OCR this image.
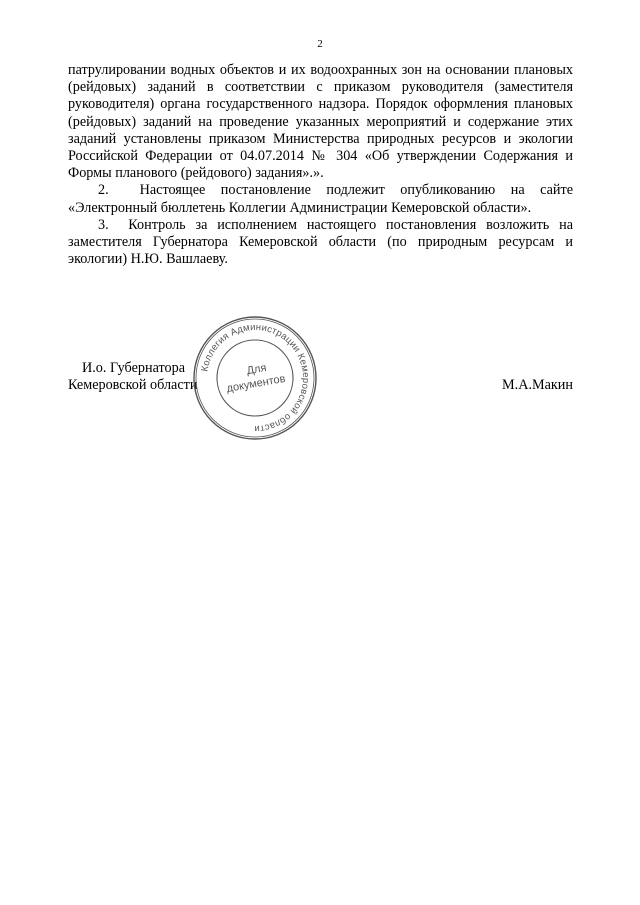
2

патрулировании водных объектов и их водоохранных зон на основании плановых (рейдовых) заданий в соответствии с приказом руководителя (заместителя руководителя) органа государственного надзора. Порядок оформления плановых (рейдовых) заданий на проведение указанных мероприятий и содержание этих заданий установлены приказом Министерства природных ресурсов и экологии Российской Федерации от 04.07.2014 № 304 «Об утверждении Содержания и Формы планового (рейдового) задания».».

2.  Настоящее постановление подлежит опубликованию на сайте «Электронный бюллетень Коллегии Администрации Кемеровской области».

3.  Контроль за исполнением настоящего постановления возложить на заместителя Губернатора Кемеровской области (по природным ресурсам и экологии) Н.Ю. Вашлаеву.

И.о. Губернатора
Кемеровской области	М.А.Макин
Коллегия Администрации Кемеровской области
Для
документов
